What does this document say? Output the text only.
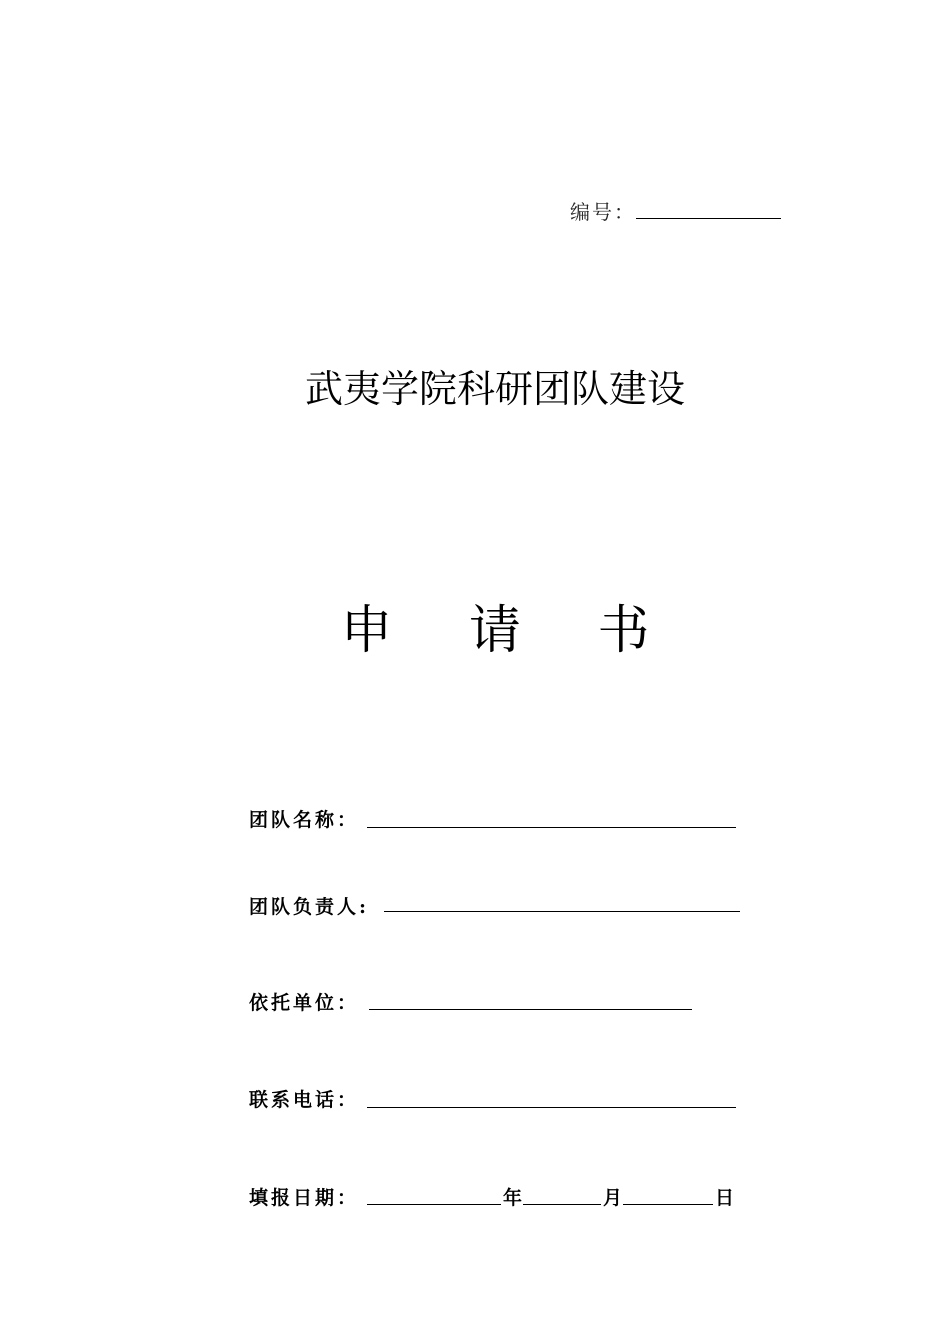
编号：
武夷学院科研团队建设
申 请 书
团队名称：
团队负责人:
依托单位：
联系电话：
填报日期：	年	月	日
